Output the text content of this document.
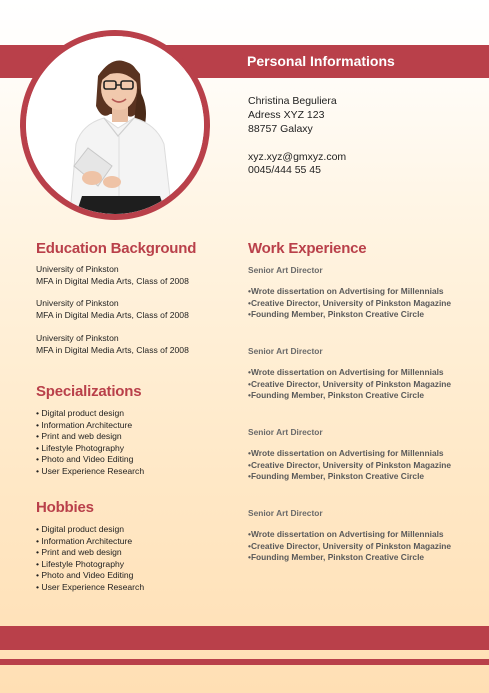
Personal Informations
Christina Beguliera
Adress XYZ 123
88757 Galaxy
xyz.xyz@gmxyz.com
0045/444 55 45
Education Background
University of Pinkston
MFA in Digital Media Arts, Class of 2008
University of Pinkston
MFA in Digital Media Arts, Class of 2008
University of Pinkston
MFA in Digital Media Arts, Class of 2008
Specializations
• Digital product design
• Information Architecture
• Print and web design
• Lifestyle Photography
• Photo and Video Editing
• User Experience Research
Hobbies
• Digital product design
• Information Architecture
• Print and web design
• Lifestyle Photography
• Photo and Video Editing
• User Experience Research
Work Experience
Senior Art Director
• Wrote dissertation on Advertising for Millennials
• Creative Director, University of Pinkston Magazine
• Founding Member, Pinkston Creative Circle
Senior Art Director
• Wrote dissertation on Advertising for Millennials
• Creative Director, University of Pinkston Magazine
• Founding Member, Pinkston Creative Circle
Senior Art Director
• Wrote dissertation on Advertising for Millennials
• Creative Director, University of Pinkston Magazine
• Founding Member, Pinkston Creative Circle
Senior Art Director
• Wrote dissertation on Advertising for Millennials
• Creative Director, University of Pinkston Magazine
• Founding Member, Pinkston Creative Circle
